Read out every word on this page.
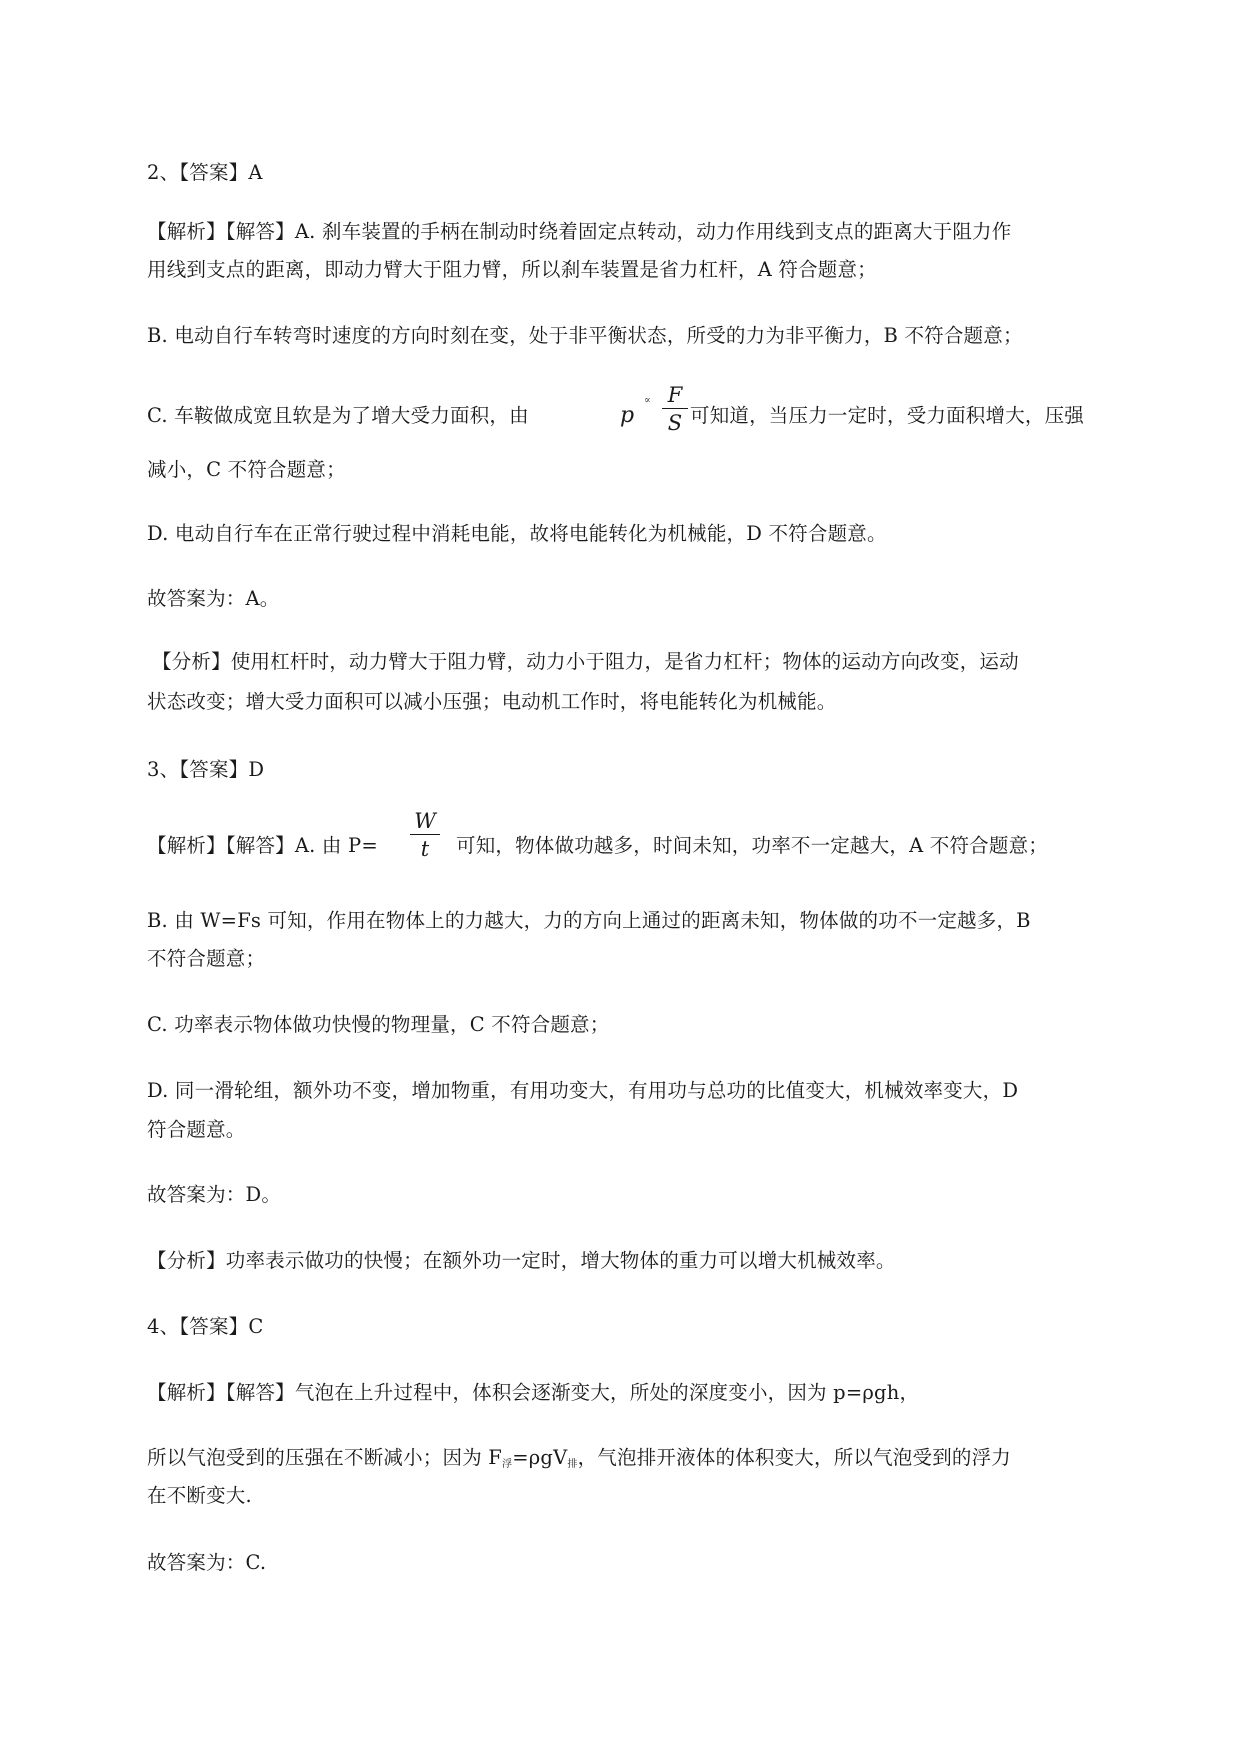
2、【答案】A
【解析】【解答】A. 刹车装置的手柄在制动时绕着固定点转动，动力作用线到支点的距离大于阻力作
用线到支点的距离，即动力臂大于阻力臂，所以刹车装置是省力杠杆，A 符合题意；
B. 电动自行车转弯时速度的方向时刻在变，处于非平衡状态，所受的力为非平衡力，B 不符合题意；
C. 车鞍做成宽且软是为了增大受力面积，由	p
∝ F
S 可知道，当压力一定时，受力面积增大，压强
减小，C 不符合题意；
D. 电动自行车在正常行驶过程中消耗电能，故将电能转化为机械能，D 不符合题意。
故答案为：A。
【分析】使用杠杆时，动力臂大于阻力臂，动力小于阻力，是省力杠杆；物体的运动方向改变，运动
状态改变；增大受力面积可以减小压强；电动机工作时，将电能转化为机械能。
3、【答案】D
【解析】【解答】A. 由 P=
W
t	可知，物体做功越多，时间未知，功率不一定越大，A 不符合题意；
B. 由 W=Fs 可知，作用在物体上的力越大，力的方向上通过的距离未知，物体做的功不一定越多，B
不符合题意；
C. 功率表示物体做功快慢的物理量，C 不符合题意；
D. 同一滑轮组，额外功不变，增加物重，有用功变大，有用功与总功的比值变大，机械效率变大，D
符合题意。
故答案为：D。
【分析】功率表示做功的快慢；在额外功一定时，增大物体的重力可以增大机械效率。
4、【答案】C
【解析】【解答】气泡在上升过程中，体积会逐渐变大，所处的深度变小，因为 p=ρgh，
所以气泡受到的压强在不断减小；因为 $F_浮=\rho gV_排$，气泡排开液体的体积变大，所以气泡受到的浮力
在不断变大.
故答案为：C.
